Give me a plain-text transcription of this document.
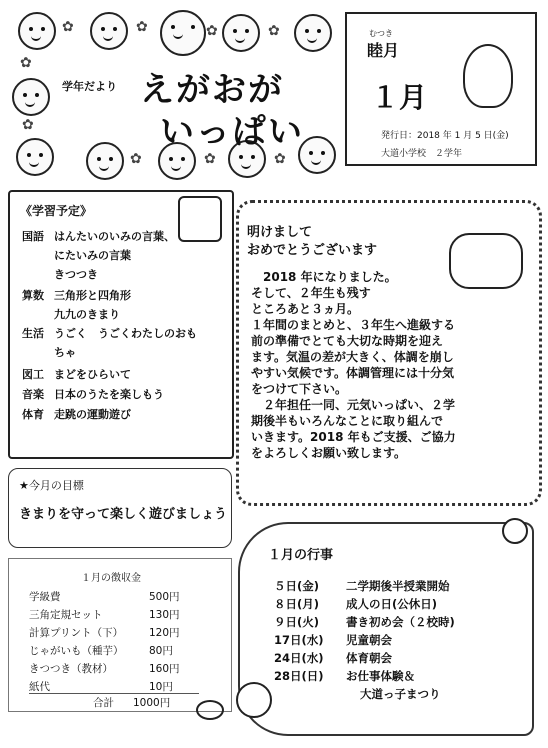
✿	✿	✿	✿
✿
✿
✿	✿	✿
学年だより えがおが
いっぱい
むつき
睦月
１月
発行日：2018 年 1 月 5 日(金)
大道小学校　２学年
《学習予定》
国語 はんたいのいみの言葉、
にたいみの言葉
きつつき
算数 三角形と四角形
九九のきまり
生活 うごく　うごくわたしのおも
ちゃ
図工 まどをひらいて
音楽 日本のうたを楽しもう
体育 走跳の運動遊び
★今月の目標
きまりを守って楽しく遊びましょう
１月の徴収金
学級費	500円
三角定規セット	130円
計算プリント（下） 120円
じゃがいも（種芋） 80円
きつつき（教材）	160円
紙代	10円
合計 1000円
明けまして
おめでとうございます
　2018 年になりました。
そして、２年生も残す
ところあと３ヵ月。
１年間のまとめと、３年生へ進級する
前の準備でとても大切な時期を迎え
ます。気温の差が大きく、体調を崩し
やすい気候です。体調管理には十分気
をつけて下さい。
　２年担任一同、元気いっぱい、２学
期後半もいろんなことに取り組んで
いきます。2018 年もご支援、ご協力
をよろしくお願い致します。
１月の行事
５日(金) 二学期後半授業開始
８日(月) 成人の日(公休日)
９日(火) 書き初め会（２校時)
17日(水) 児童朝会
24日(水) 体育朝会
28日(日) お仕事体験＆
大道っ子まつり
